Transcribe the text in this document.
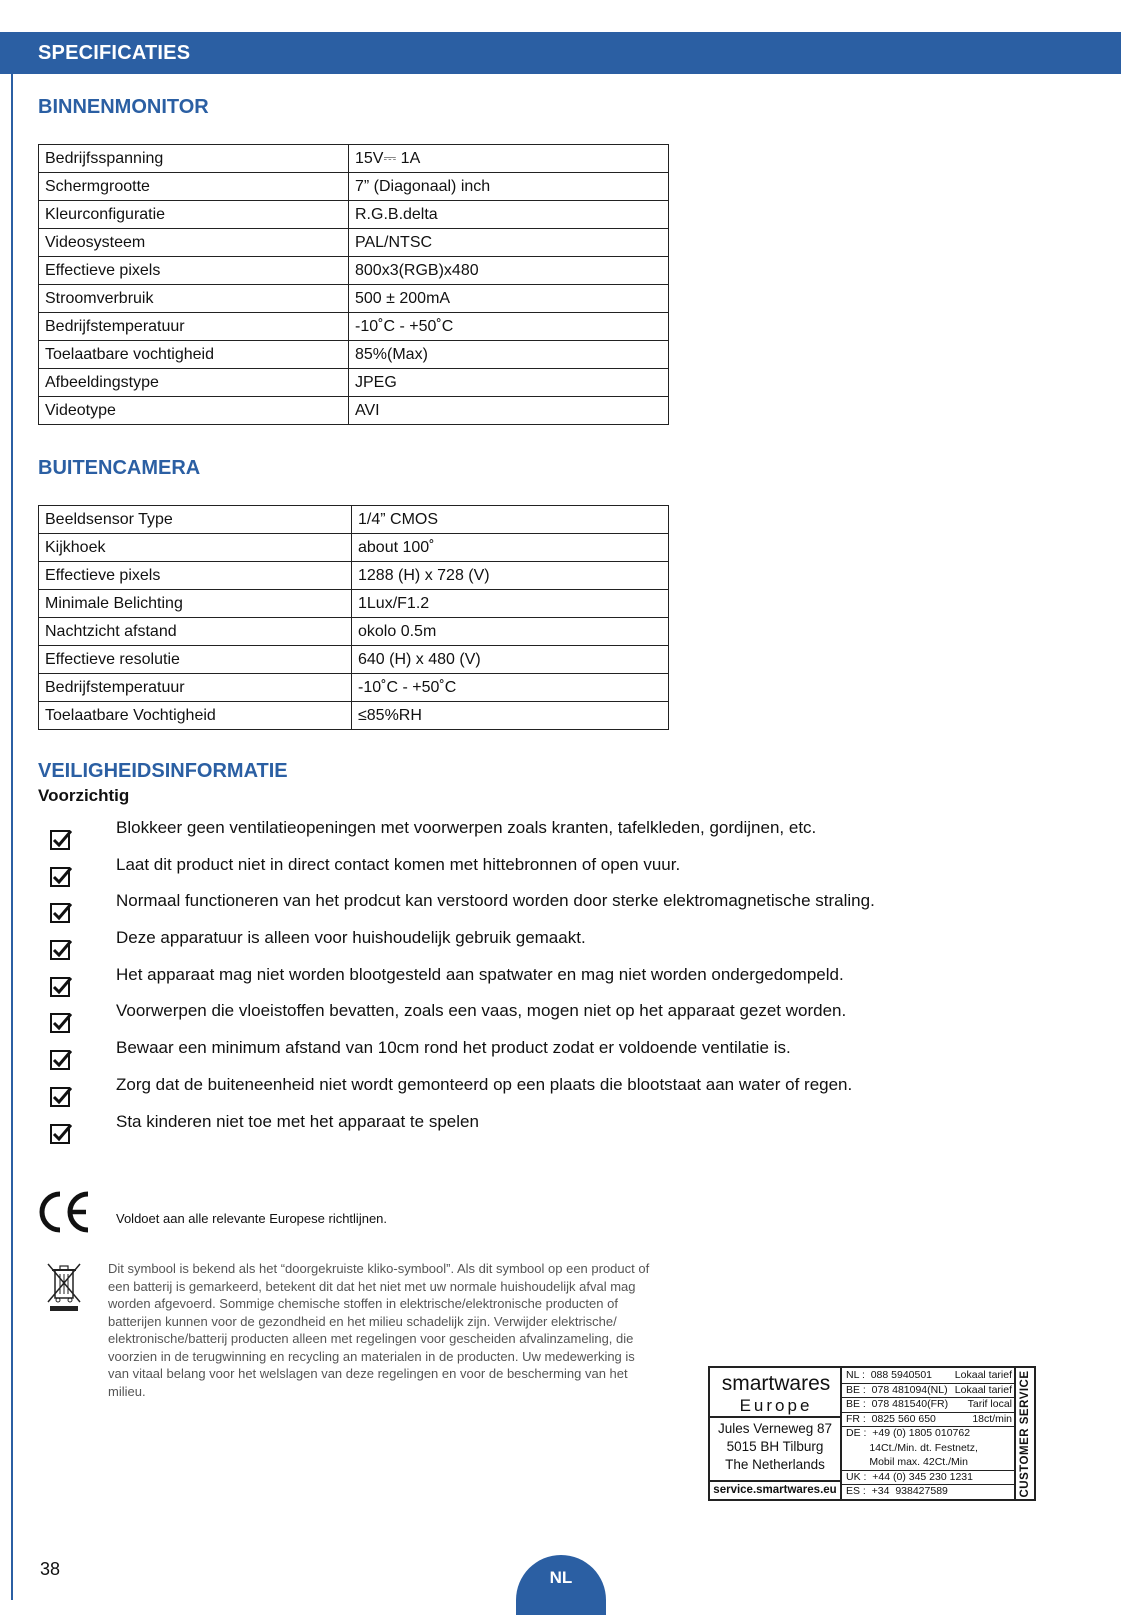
SPECIFICATIES
BINNENMONITOR
Bedrijfsspanning	15V⎓ 1A
Schermgrootte	7” (Diagonaal) inch
Kleurconfiguratie	R.G.B.delta
Videosysteem	PAL/NTSC
Effectieve pixels	800x3(RGB)x480
Stroomverbruik	500 ± 200mA
Bedrijfstemperatuur	-10˚C - +50˚C
Toelaatbare vochtigheid	85%(Max)
Afbeeldingstype	JPEG
Videotype	AVI
BUITENCAMERA
Beeldsensor Type	1/4” CMOS
Kijkhoek	about 100˚
Effectieve pixels	1288 (H) x 728 (V)
Minimale Belichting	1Lux/F1.2
Nachtzicht afstand	okolo 0.5m
Effectieve resolutie	640 (H) x 480 (V)
Bedrijfstemperatuur	-10˚C - +50˚C
Toelaatbare Vochtigheid	≤85%RH
VEILIGHEIDSINFORMATIE
Voorzichtig
Blokkeer geen ventilatieopeningen met voorwerpen zoals kranten, tafelkleden, gordijnen, etc.
Laat dit product niet in direct contact komen met hittebronnen of open vuur.
Normaal functioneren van het prodcut kan verstoord worden door sterke elektromagnetische straling.
Deze apparatuur is alleen voor huishoudelijk gebruik gemaakt.
Het apparaat mag niet worden blootgesteld aan spatwater en mag niet worden ondergedompeld.
Voorwerpen die vloeistoffen bevatten, zoals een vaas, mogen niet op het apparaat gezet worden.
Bewaar een minimum afstand van 10cm rond het product zodat er voldoende ventilatie is.
Zorg dat de buiteneenheid niet wordt gemonteerd op een plaats die blootstaat aan water of regen.
Sta kinderen niet toe met het apparaat te spelen
Voldoet aan alle relevante Europese richtlijnen.
Dit symbool is bekend als het “doorgekruiste kliko-symbool”. Als dit symbool op een product of een batterij is gemarkeerd, betekent dit dat het niet met uw normale huishoudelijk afval mag worden afgevoerd. Sommige chemische stoffen in elektrische/elektronische producten of batterijen kunnen voor de gezondheid en het milieu schadelijk zijn. Verwijder elektrische/ elektronische/batterij producten alleen met regelingen voor gescheiden afvalinzameling, die voorzien in de terugwinning en recycling an materialen in de producten. Uw medewerking is van vitaal belang voor het welslagen van deze regelingen en voor de bescherming van het milieu.	smartwares
Europe
Jules Verneweg 87
5015 BH Tilburg
The Netherlands
service.smartwares.eu
NL :  088 5940501 Lokaal tarief
BE :  078 481094(NL) Lokaal tarief
BE :  078 481540(FR) Tarif local
FR :  0825 560 650	18ct/min
DE :  +49 (0) 1805 010762
14Ct./Min. dt. Festnetz,
Mobil max. 42Ct./Min
UK :  +44 (0) 345 230 1231
ES :  +34  938427589	CUSTOMER SERVICE
38	NL
